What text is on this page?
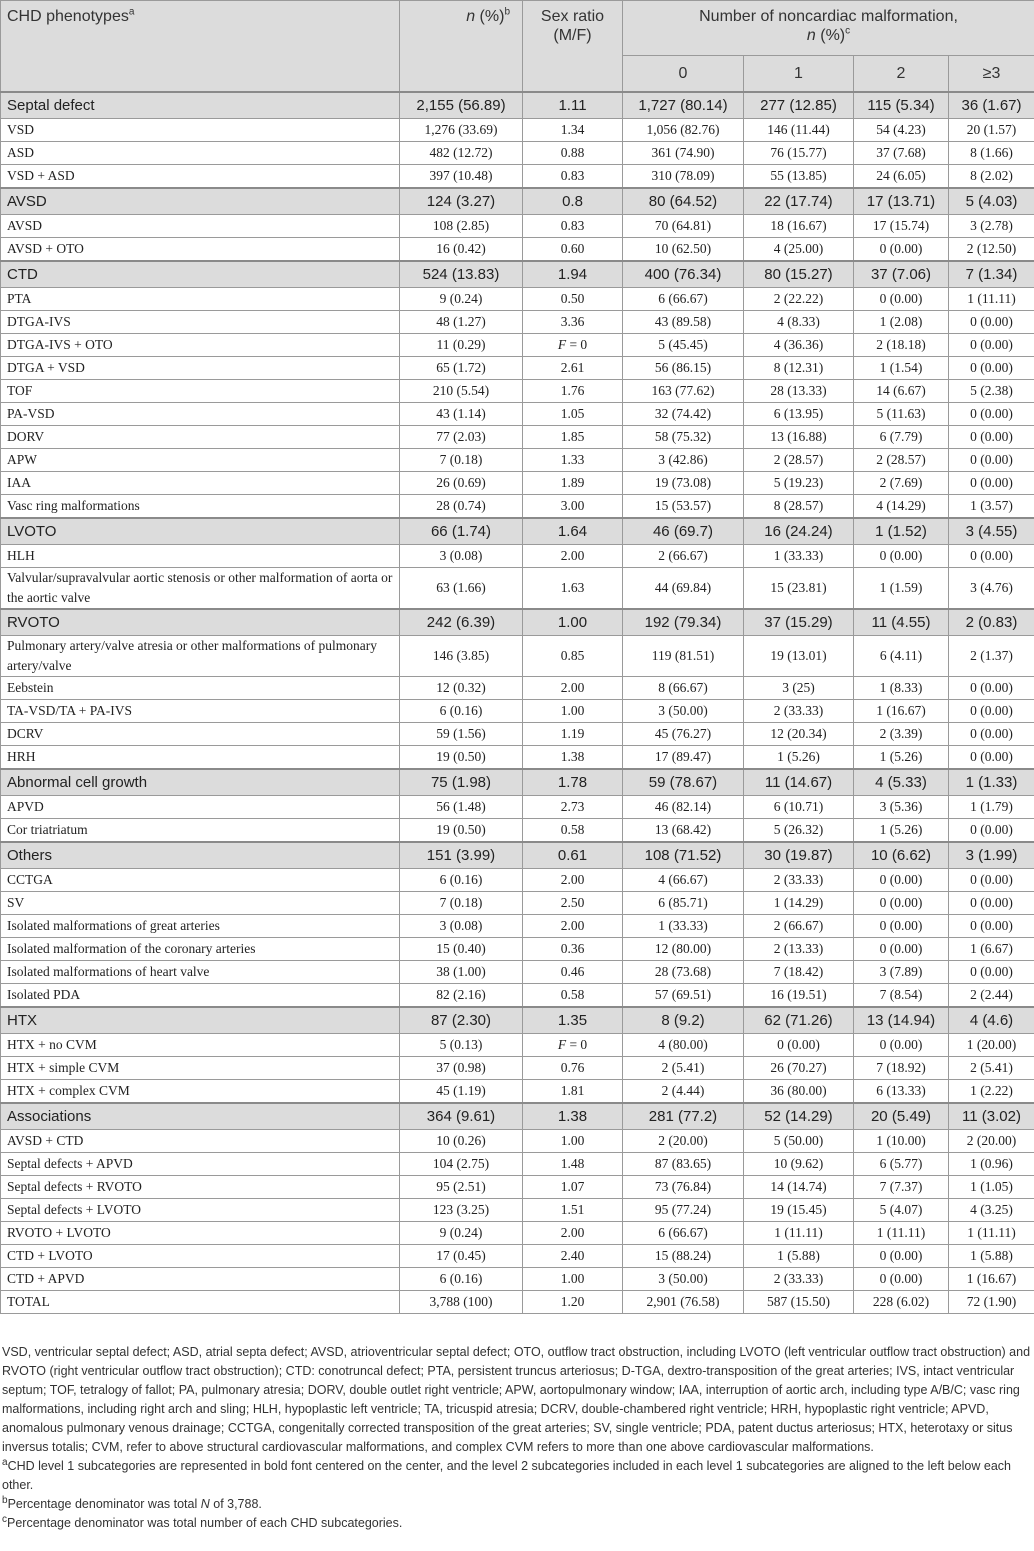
CHD phenotypes$^a$	n (%)$^b$	Sex ratio
(M/F)	Number of noncardiac malformation,
n (%)$^c$
			0	1	2	≥3
Septal defect	2,155 (56.89)	1.11	1,727 (80.14)	277 (12.85)	115 (5.34)	36 (1.67)
VSD	1,276 (33.69)	1.34	1,056 (82.76)	146 (11.44)	54 (4.23)	20 (1.57)
ASD	482 (12.72)	0.88	361 (74.90)	76 (15.77)	37 (7.68)	8 (1.66)
VSD + ASD	397 (10.48)	0.83	310 (78.09)	55 (13.85)	24 (6.05)	8 (2.02)
AVSD	124 (3.27)	0.8	80 (64.52)	22 (17.74)	17 (13.71)	5 (4.03)
AVSD	108 (2.85)	0.83	70 (64.81)	18 (16.67)	17 (15.74)	3 (2.78)
AVSD + OTO	16 (0.42)	0.60	10 (62.50)	4 (25.00)	0 (0.00)	2 (12.50)
CTD	524 (13.83)	1.94	400 (76.34)	80 (15.27)	37 (7.06)	7 (1.34)
PTA	9 (0.24)	0.50	6 (66.67)	2 (22.22)	0 (0.00)	1 (11.11)
DTGA-IVS	48 (1.27)	3.36	43 (89.58)	4 (8.33)	1 (2.08)	0 (0.00)
DTGA-IVS + OTO	11 (0.29)	F = 0	5 (45.45)	4 (36.36)	2 (18.18)	0 (0.00)
DTGA + VSD	65 (1.72)	2.61	56 (86.15)	8 (12.31)	1 (1.54)	0 (0.00)
TOF	210 (5.54)	1.76	163 (77.62)	28 (13.33)	14 (6.67)	5 (2.38)
PA-VSD	43 (1.14)	1.05	32 (74.42)	6 (13.95)	5 (11.63)	0 (0.00)
DORV	77 (2.03)	1.85	58 (75.32)	13 (16.88)	6 (7.79)	0 (0.00)
APW	7 (0.18)	1.33	3 (42.86)	2 (28.57)	2 (28.57)	0 (0.00)
IAA	26 (0.69)	1.89	19 (73.08)	5 (19.23)	2 (7.69)	0 (0.00)
Vasc ring malformations	28 (0.74)	3.00	15 (53.57)	8 (28.57)	4 (14.29)	1 (3.57)
LVOTO	66 (1.74)	1.64	46 (69.7)	16 (24.24)	1 (1.52)	3 (4.55)
HLH	3 (0.08)	2.00	2 (66.67)	1 (33.33)	0 (0.00)	0 (0.00)
Valvular/supravalvular aortic stenosis or other malformation of aorta or the aortic valve	63 (1.66)	1.63	44 (69.84)	15 (23.81)	1 (1.59)	3 (4.76)
RVOTO	242 (6.39)	1.00	192 (79.34)	37 (15.29)	11 (4.55)	2 (0.83)
Pulmonary artery/valve atresia or other malformations of pulmonary artery/valve	146 (3.85)	0.85	119 (81.51)	19 (13.01)	6 (4.11)	2 (1.37)
Eebstein	12 (0.32)	2.00	8 (66.67)	3 (25)	1 (8.33)	0 (0.00)
TA-VSD/TA + PA-IVS	6 (0.16)	1.00	3 (50.00)	2 (33.33)	1 (16.67)	0 (0.00)
DCRV	59 (1.56)	1.19	45 (76.27)	12 (20.34)	2 (3.39)	0 (0.00)
HRH	19 (0.50)	1.38	17 (89.47)	1 (5.26)	1 (5.26)	0 (0.00)
Abnormal cell growth	75 (1.98)	1.78	59 (78.67)	11 (14.67)	4 (5.33)	1 (1.33)
APVD	56 (1.48)	2.73	46 (82.14)	6 (10.71)	3 (5.36)	1 (1.79)
Cor triatriatum	19 (0.50)	0.58	13 (68.42)	5 (26.32)	1 (5.26)	0 (0.00)
Others	151 (3.99)	0.61	108 (71.52)	30 (19.87)	10 (6.62)	3 (1.99)
CCTGA	6 (0.16)	2.00	4 (66.67)	2 (33.33)	0 (0.00)	0 (0.00)
SV	7 (0.18)	2.50	6 (85.71)	1 (14.29)	0 (0.00)	0 (0.00)
Isolated malformations of great arteries	3 (0.08)	2.00	1 (33.33)	2 (66.67)	0 (0.00)	0 (0.00)
Isolated malformation of the coronary arteries	15 (0.40)	0.36	12 (80.00)	2 (13.33)	0 (0.00)	1 (6.67)
Isolated malformations of heart valve	38 (1.00)	0.46	28 (73.68)	7 (18.42)	3 (7.89)	0 (0.00)
Isolated PDA	82 (2.16)	0.58	57 (69.51)	16 (19.51)	7 (8.54)	2 (2.44)
HTX	87 (2.30)	1.35	8 (9.2)	62 (71.26)	13 (14.94)	4 (4.6)
HTX + no CVM	5 (0.13)	F = 0	4 (80.00)	0 (0.00)	0 (0.00)	1 (20.00)
HTX + simple CVM	37 (0.98)	0.76	2 (5.41)	26 (70.27)	7 (18.92)	2 (5.41)
HTX + complex CVM	45 (1.19)	1.81	2 (4.44)	36 (80.00)	6 (13.33)	1 (2.22)
Associations	364 (9.61)	1.38	281 (77.2)	52 (14.29)	20 (5.49)	11 (3.02)
AVSD + CTD	10 (0.26)	1.00	2 (20.00)	5 (50.00)	1 (10.00)	2 (20.00)
Septal defects + APVD	104 (2.75)	1.48	87 (83.65)	10 (9.62)	6 (5.77)	1 (0.96)
Septal defects + RVOTO	95 (2.51)	1.07	73 (76.84)	14 (14.74)	7 (7.37)	1 (1.05)
Septal defects + LVOTO	123 (3.25)	1.51	95 (77.24)	19 (15.45)	5 (4.07)	4 (3.25)
RVOTO + LVOTO	9 (0.24)	2.00	6 (66.67)	1 (11.11)	1 (11.11)	1 (11.11)
CTD + LVOTO	17 (0.45)	2.40	15 (88.24)	1 (5.88)	0 (0.00)	1 (5.88)
CTD + APVD	6 (0.16)	1.00	3 (50.00)	2 (33.33)	0 (0.00)	1 (16.67)
TOTAL	3,788 (100)	1.20	2,901 (76.58)	587 (15.50)	228 (6.02)	72 (1.90)

VSD, ventricular septal defect; ASD, atrial septa defect; AVSD, atrioventricular septal defect; OTO, outflow tract obstruction, including LVOTO (left ventricular outflow tract obstruction) and RVOTO (right ventricular outflow tract obstruction); CTD: conotruncal defect; PTA, persistent truncus arteriosus; D-TGA, dextro-transposition of the great arteries; IVS, intact ventricular septum; TOF, tetralogy of fallot; PA, pulmonary atresia; DORV, double outlet right ventricle; APW, aortopulmonary window; IAA, interruption of aortic arch, including type A/B/C; vasc ring malformations, including right arch and sling; HLH, hypoplastic left ventricle; TA, tricuspid atresia; DCRV, double-chambered right ventricle; HRH, hypoplastic right ventricle; APVD, anomalous pulmonary venous drainage; CCTGA, congenitally corrected transposition of the great arteries; SV, single ventricle; PDA, patent ductus arteriosus; HTX, heterotaxy or situs inversus totalis; CVM, refer to above structural cardiovascular malformations, and complex CVM refers to more than one above cardiovascular malformations.

$^a$CHD level 1 subcategories are represented in bold font centered on the center, and the level 2 subcategories included in each level 1 subcategories are aligned to the left below each other.

$^b$Percentage denominator was total N of 3,788.

$^c$Percentage denominator was total number of each CHD subcategories.
